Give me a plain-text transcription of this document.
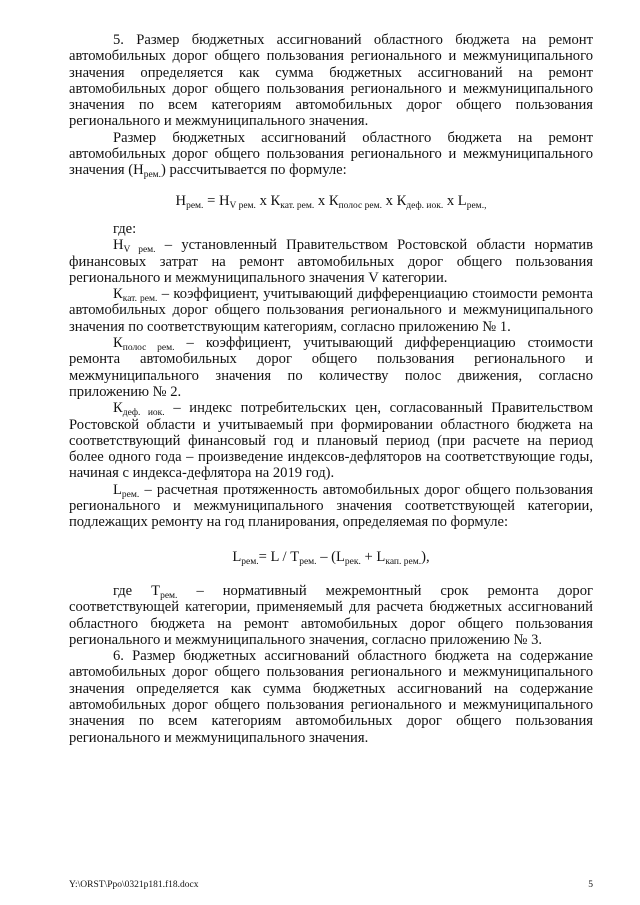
5. Размер бюджетных ассигнований областного бюджета на ремонт автомобильных дорог общего пользования регионального и межмуниципального значения определяется как сумма бюджетных ассигнований на ремонт автомобильных дорог общего пользования регионального и межмуниципального значения по всем категориям автомобильных дорог общего пользования регионального и межмуниципального значения.

Размер бюджетных ассигнований областного бюджета на ремонт автомобильных дорог общего пользования регионального и межмуниципального значения $(Н_{рем.})$ рассчитывается по формуле:

$Н_{рем.} = Н_{V рем.}$ х $К_{кат. рем.}$ х $К_{полос рем.}$ х $К_{деф. иок.}$ х $L_{рем.,}$

где:

$Н_{V рем.}$ – установленный Правительством Ростовской области норматив финансовых затрат на ремонт автомобильных дорог общего пользования регионального и межмуниципального значения V категории.

$К_{кат. рем.}$ – коэффициент, учитывающий дифференциацию стоимости ремонта автомобильных дорог общего пользования регионального и межмуниципального значения по соответствующим категориям, согласно приложению № 1.

$К_{полос рем.}$ – коэффициент, учитывающий дифференциацию стоимости ремонта автомобильных дорог общего пользования регионального и межмуниципального значения по количеству полос движения, согласно приложению № 2.

$К_{деф. иок.}$ – индекс потребительских цен, согласованный Правительством Ростовской области и учитываемый при формировании областного бюджета на соответствующий финансовый год и плановый период (при расчете на период более одного года – произведение индексов-дефляторов на соответствующие годы, начиная с индекса-дефлятора на 2019 год).

$L_{рем.}$ – расчетная протяженность автомобильных дорог общего пользования регионального и межмуниципального значения соответствующей категории, подлежащих ремонту на год планирования, определяемая по формуле:

$L_{рем.}= L / Т_{рем.} - (L_{рек.} + L_{кап. рем.})$,

где $Т_{рем.}$ – нормативный межремонтный срок ремонта дорог соответствующей категории, применяемый для расчета бюджетных ассигнований областного бюджета на ремонт автомобильных дорог общего пользования регионального и межмуниципального значения, согласно приложению № 3.

6. Размер бюджетных ассигнований областного бюджета на содержание автомобильных дорог общего пользования регионального и межмуниципального значения определяется как сумма бюджетных ассигнований на содержание автомобильных дорог общего пользования регионального и межмуниципального значения по всем категориям автомобильных дорог общего пользования регионального и межмуниципального значения.

Y:\ORST\Ppo\0321p181.f18.docx	5
